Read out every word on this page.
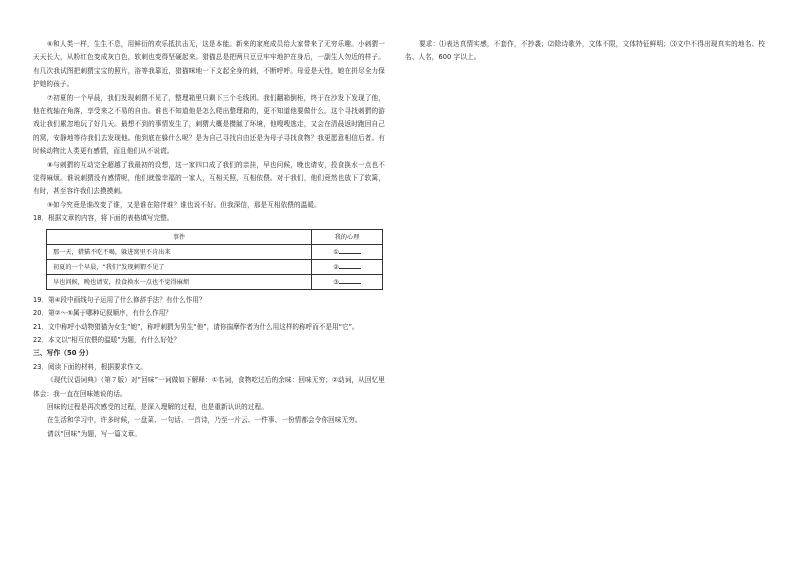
⑥和人类一样，生生不息，用鲜衍的欢乐抵抗击无，这是本能。新来的家庭成员给大家带来了无穷乐趣。小刺猬一天天长大，从粉红色变成灰白色，软刺也变得坚硬起来。猎猫总是把两只豆豆牢牢地护在身后，一副生人勿近的样子。有几次我试图把刺猬宝宝的照片，浴等我靠近，猎猫咪地一下支起全身的刺，不断呼呼。母爱是天性，她在拼尽全力保护她的孩子。

⑦初夏的一个早晨，我们发现刺猬不见了，整理箱里只剩下三个毛线团。我们翻箱倒柜，终于在沙发下发现了他，他在枕轴在角落，享受来之不易的自由。谁也不知道他是怎么爬出整理箱的，更不知道他要做什么。这个寻找刺猬的游戏让我们累忽地玩了好几天。最想不到的事情发生了，刺猬大概是攒腻了环境，他嗖嗖逃走，又会在清晨返时跑回自己的窝，安静地等待我们去发现他。他到底在躲什么呢？是为自己寻找自由还是为母子寻找食物？我更愿意相信后者。有时候动物比人类更有感情，而且他们从不说谎。

⑧与刺猬的互动完全超越了我最初的设想，这一家四口成了我们的亲挂，早也问候，晚也请安，投食换水一点也不觉得麻烦。谁说刺猬没有感情呢，他们就像幸福的一家人，互相关照，互相依偎。对于我们，他们竟然也放下了软篱，有时，甚至容许我们去摸摸刺。

⑨如今究竟是谁改变了谁，又是谁在陪伴谁？谁也说不好。但我深信，那是互相依偎的温暖。

18．根据文章的内容，将下面的表格填写完整。

事件	我的心理
那一天，猎猫不吃不喝，躲进窝里不肯出来	①
初夏的一个早晨，“我们”发现刺猬不见了	②
早也问候，晚也请安，投食换水一点也不觉得麻烦	③

19．第④段中画线句子运用了什么修辞手法？有什么作用？

20．第②～⑤属于哪种记叙顺序，有什么作用？

21．文中称呼小动物猎猫为女生“她”，称呼刺猬为男生“他”，请你揣摩作者为什么用这样的称呼而不是用“它”。

22．本文以“相互依偎的温暖”为题，有什么好处？

三、写作（50 分）

23．阅读下面的材料，根据要求作文。

《现代汉语词典》（第７版）对“回味”一词做如下解释：①名词，食物吃过后的余味：回味无穷；②动词，从回忆里体会：我一直在回味她说的话。

回味的过程是再次感受的过程，是深入理解的过程，也是重新认识的过程。

在生活和学习中，许多时候，一盘菜、一句话、一首诗，乃至一片云、一件事、一份情都会令你回味无穷。

请以“回味”为题，写一篇文章。

要求：⑴表达真情实感，不套作，不抄袭；⑵除诗歌外，文体不限，文体特征鲜明；⑶文中不得出现真实的地名、校名、人名，600 字以上。
